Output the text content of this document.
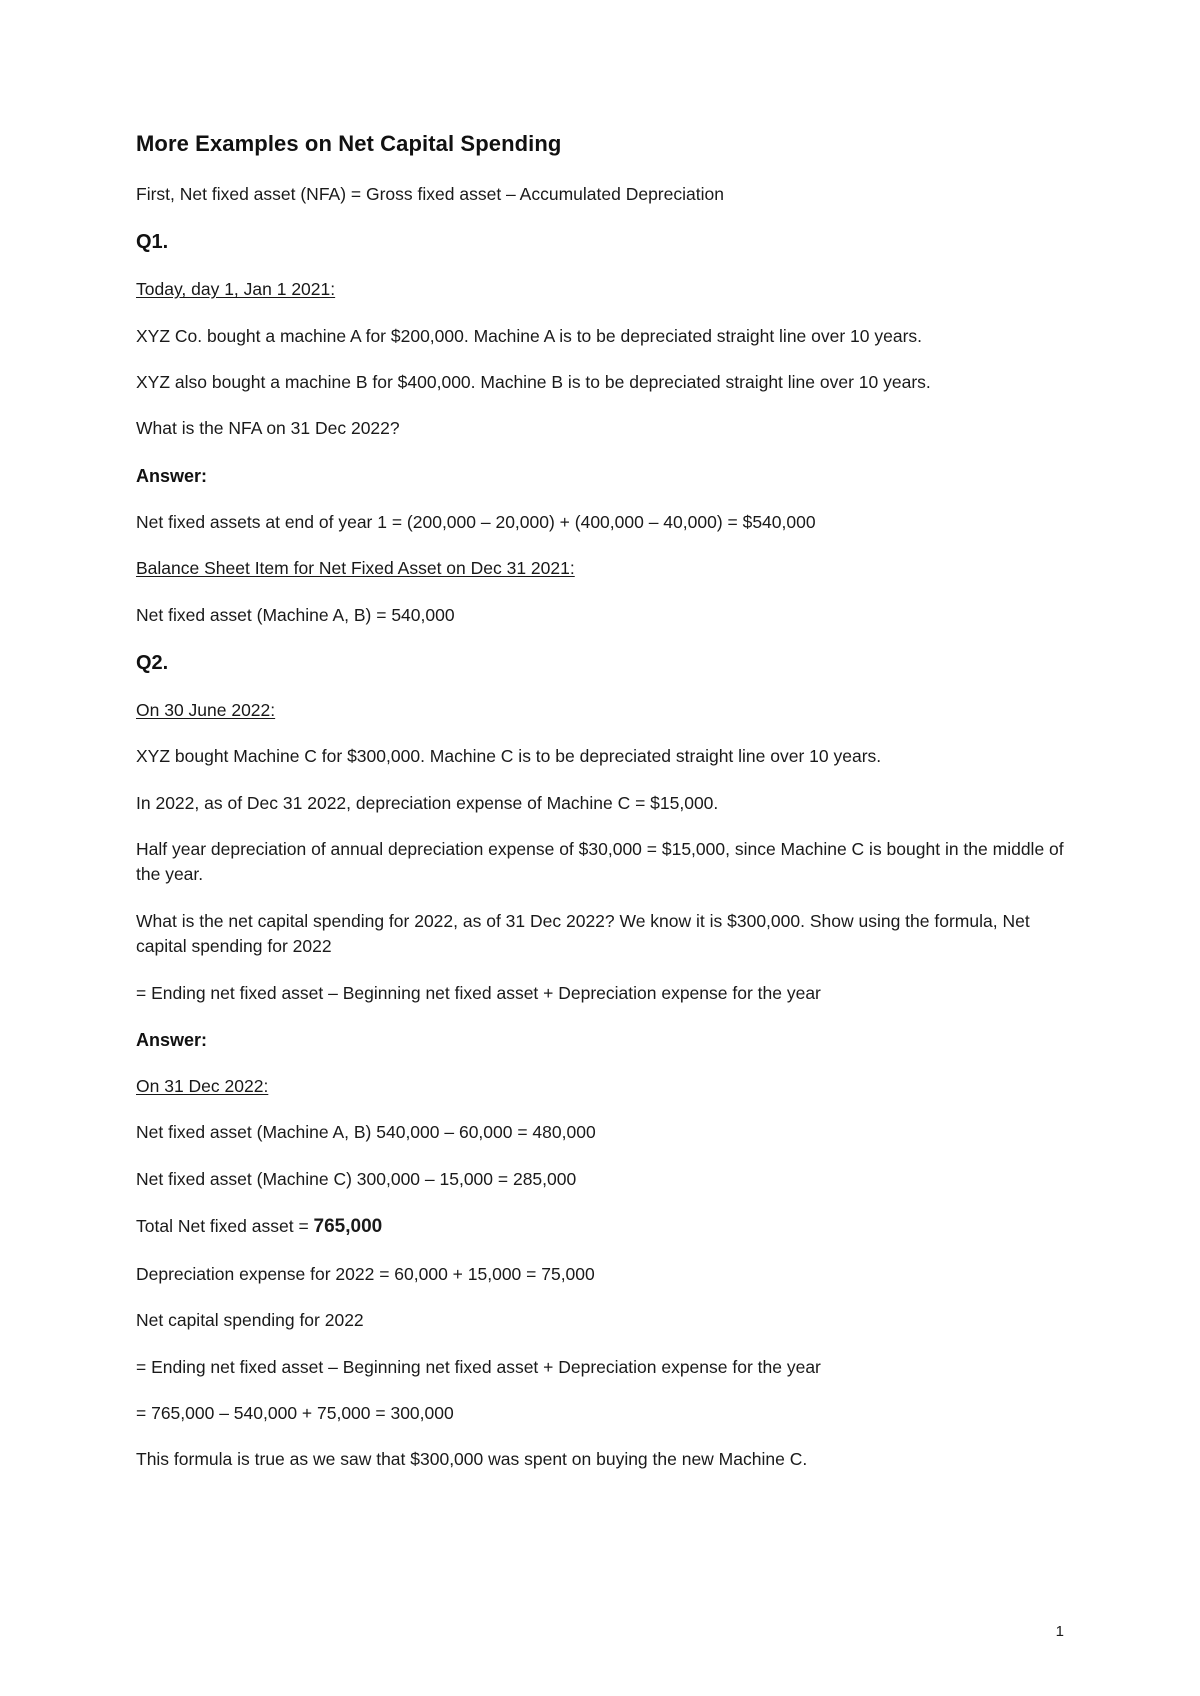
More Examples on Net Capital Spending

First, Net fixed asset (NFA) = Gross fixed asset – Accumulated Depreciation

Q1.

Today, day 1, Jan 1 2021:

XYZ Co. bought a machine A for $200,000. Machine A is to be depreciated straight line over 10 years.

XYZ also bought a machine B for $400,000. Machine B is to be depreciated straight line over 10 years.

What is the NFA on 31 Dec 2022?

Answer:

Net fixed assets at end of year 1 = (200,000 – 20,000) + (400,000 – 40,000) = $540,000

Balance Sheet Item for Net Fixed Asset on Dec 31 2021:

Net fixed asset (Machine A, B) = 540,000

Q2.

On 30 June 2022:

XYZ bought Machine C for $300,000. Machine C is to be depreciated straight line over 10 years.

In 2022, as of Dec 31 2022, depreciation expense of Machine C = $15,000.

Half year depreciation of annual depreciation expense of $30,000 = $15,000, since Machine C is bought in the middle of the year.

What is the net capital spending for 2022, as of 31 Dec 2022? We know it is $300,000. Show using the formula, Net capital spending for 2022

= Ending net fixed asset – Beginning net fixed asset + Depreciation expense for the year

Answer:

On 31 Dec 2022:

Net fixed asset (Machine A, B) 540,000 – 60,000 = 480,000

Net fixed asset (Machine C) 300,000 – 15,000 = 285,000

Total Net fixed asset = 765,000

Depreciation expense for 2022 = 60,000 + 15,000 = 75,000

Net capital spending for 2022

= Ending net fixed asset – Beginning net fixed asset + Depreciation expense for the year

= 765,000 – 540,000 + 75,000 = 300,000

This formula is true as we saw that $300,000 was spent on buying the new Machine C.

1
